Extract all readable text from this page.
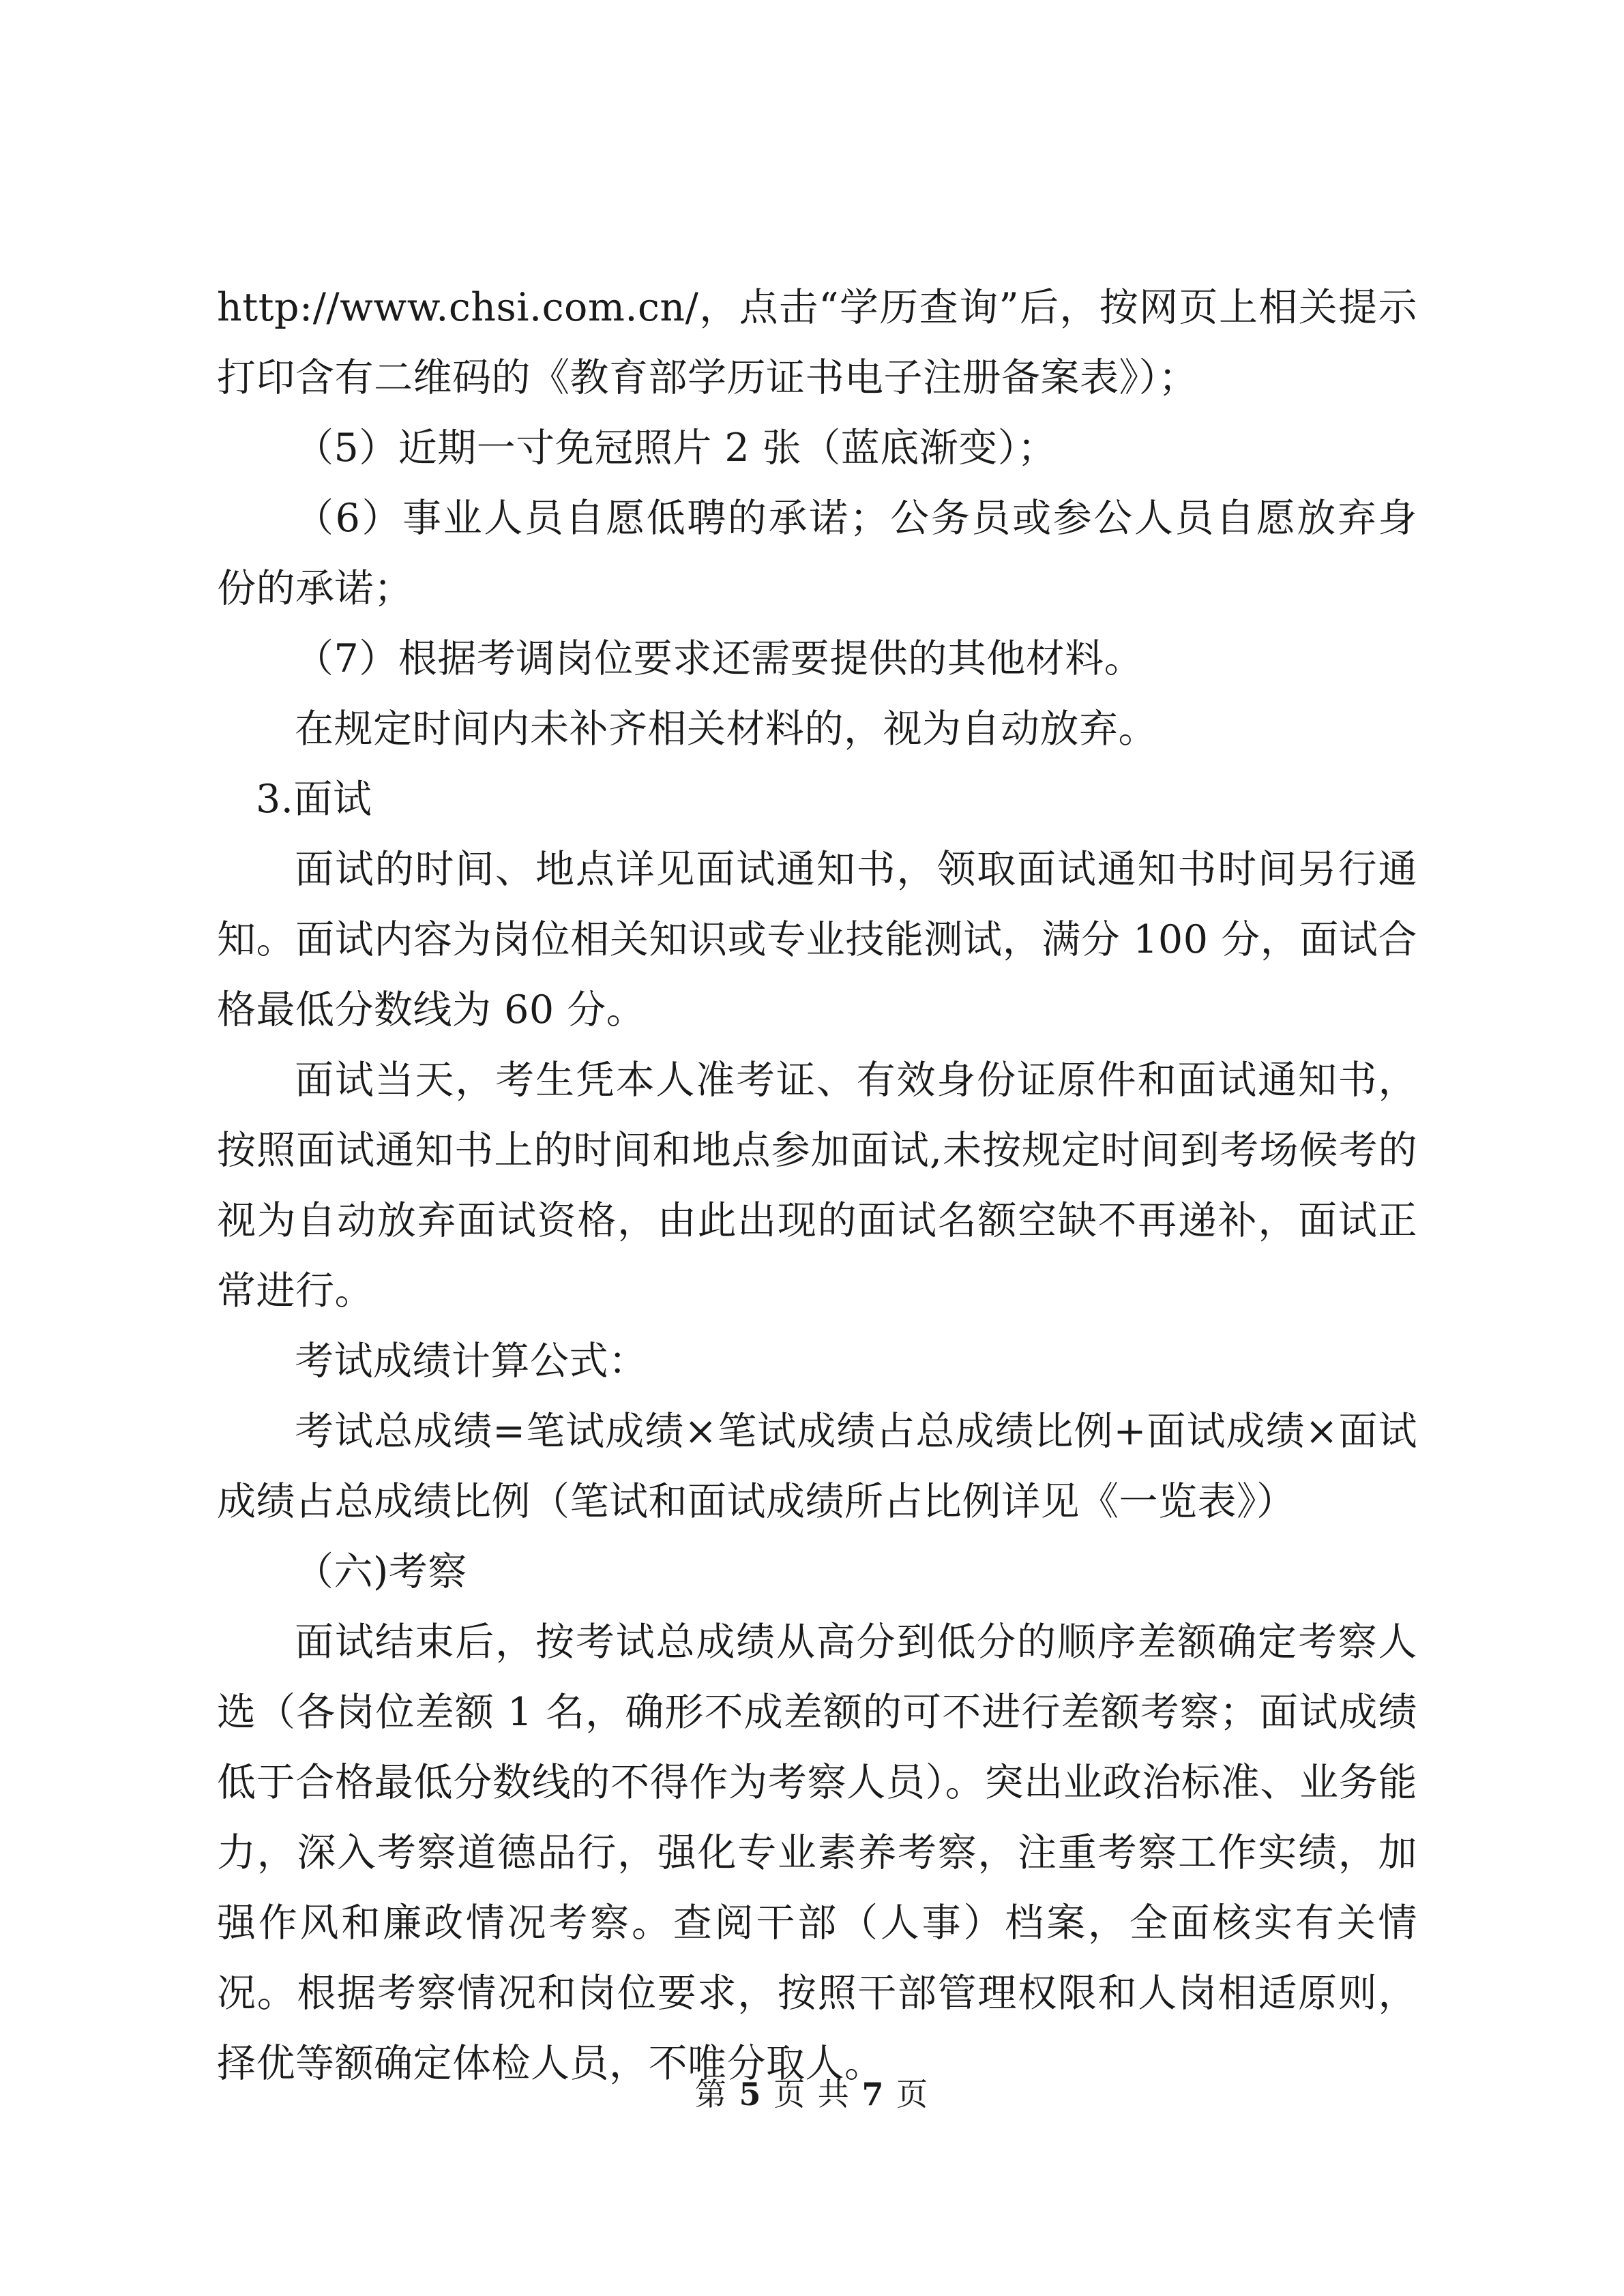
http://www.chsi.com.cn/，点击“学历查询”后，按网页上相关提示打印含有二维码的《教育部学历证书电子注册备案表》）；

（5）近期一寸免冠照片 2 张（蓝底渐变）；

（6）事业人员自愿低聘的承诺；公务员或参公人员自愿放弃身份的承诺；

（7）根据考调岗位要求还需要提供的其他材料。

在规定时间内未补齐相关材料的，视为自动放弃。

3.面试

面试的时间、地点详见面试通知书，领取面试通知书时间另行通知。面试内容为岗位相关知识或专业技能测试，满分 100 分，面试合格最低分数线为 60 分。

面试当天，考生凭本人准考证、有效身份证原件和面试通知书，按照面试通知书上的时间和地点参加面试,未按规定时间到考场候考的视为自动放弃面试资格，由此出现的面试名额空缺不再递补，面试正常进行。

考试成绩计算公式：

考试总成绩=笔试成绩×笔试成绩占总成绩比例+面试成绩×面试成绩占总成绩比例（笔试和面试成绩所占比例详见《一览表》）

（六)考察

面试结束后，按考试总成绩从高分到低分的顺序差额确定考察人选（各岗位差额 1 名，确形不成差额的可不进行差额考察；面试成绩低于合格最低分数线的不得作为考察人员）。突出业政治标准、业务能力，深入考察道德品行，强化专业素养考察，注重考察工作实绩，加强作风和廉政情况考察。查阅干部（人事）档案，全面核实有关情况。根据考察情况和岗位要求，按照干部管理权限和人岗相适原则，择优等额确定体检人员，不唯分取人。

第 5 页 共 7 页
